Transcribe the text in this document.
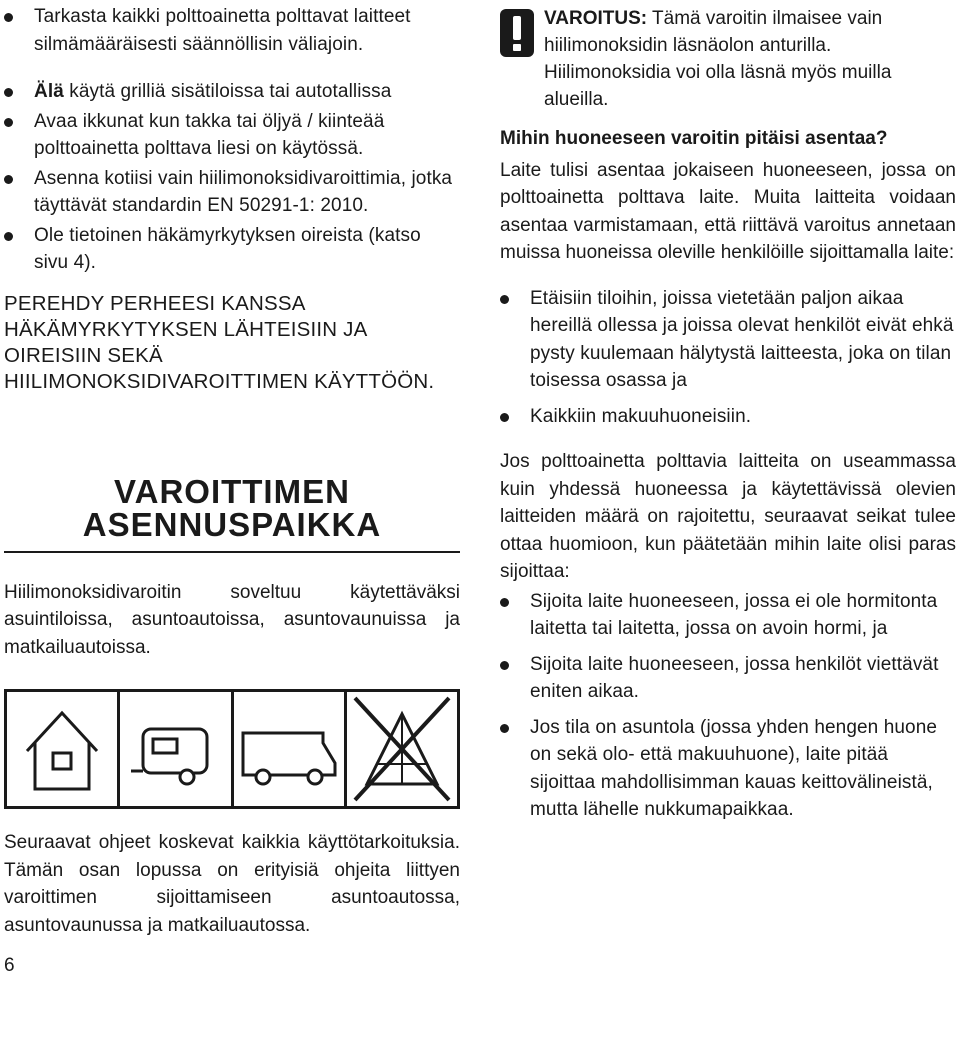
Tarkasta kaikki polttoainetta polttavat laitteet silmämääräisesti säännöllisin väliajoin.
Älä käytä grilliä sisätiloissa tai autotallissa
Avaa ikkunat kun takka tai öljyä / kiinteää polttoainetta polttava liesi on käytössä.
Asenna kotiisi vain hiilimonoksidivaroittimia, jotka täyttävät standardin EN 50291-1: 2010.
Ole tietoinen häkämyrkytyksen oireista (katso sivu 4).

PEREHDY PERHEESI KANSSA HÄKÄMYRKYTYKSEN LÄHTEISIIN JA OIREISIIN SEKÄ HIILIMONOKSIDIVAROITTIMEN KÄYTTÖÖN.

VAROITTIMEN
ASENNUSPAIKKA

Hiilimonoksidivaroitin soveltuu käytettäväksi asuintiloissa, asuntoautoissa, asuntovaunuissa ja matkailuautoissa.

Seuraavat ohjeet koskevat kaikkia käyttötarkoituksia. Tämän osan lopussa on erityisiä ohjeita liittyen varoittimen sijoittamiseen asuntoautossa, asuntovaunussa ja matkailuautossa.

6

VAROITUS: Tämä varoitin ilmaisee vain hiilimonoksidin läsnäolon anturilla. Hiilimonoksidia voi olla läsnä myös muilla alueilla.

Mihin huoneeseen varoitin pitäisi asentaa?

Laite tulisi asentaa jokaiseen huoneeseen, jossa on polttoainetta polttava laite. Muita laitteita voidaan asentaa varmistamaan, että riittävä varoitus annetaan muissa huoneissa oleville henkilöille sijoittamalla laite:

Etäisiin tiloihin, joissa vietetään paljon aikaa hereillä ollessa ja joissa olevat henkilöt eivät ehkä pysty kuulemaan hälytystä laitteesta, joka on tilan toisessa osassa ja
Kaikkiin makuuhuoneisiin.

Jos polttoainetta polttavia laitteita on useammassa kuin yhdessä huoneessa ja käytettävissä olevien laitteiden määrä on rajoitettu, seuraavat seikat tulee ottaa huomioon, kun päätetään mihin laite olisi paras sijoittaa:

Sijoita laite huoneeseen, jossa ei ole hormitonta laitetta tai laitetta, jossa on avoin hormi, ja
Sijoita laite huoneeseen, jossa henkilöt viettävät eniten aikaa.
Jos tila on asuntola (jossa yhden hengen huone on sekä olo- että makuuhuone), laite pitää sijoittaa mahdollisimman kauas keittovälineistä, mutta lähelle nukkumapaikkaa.
